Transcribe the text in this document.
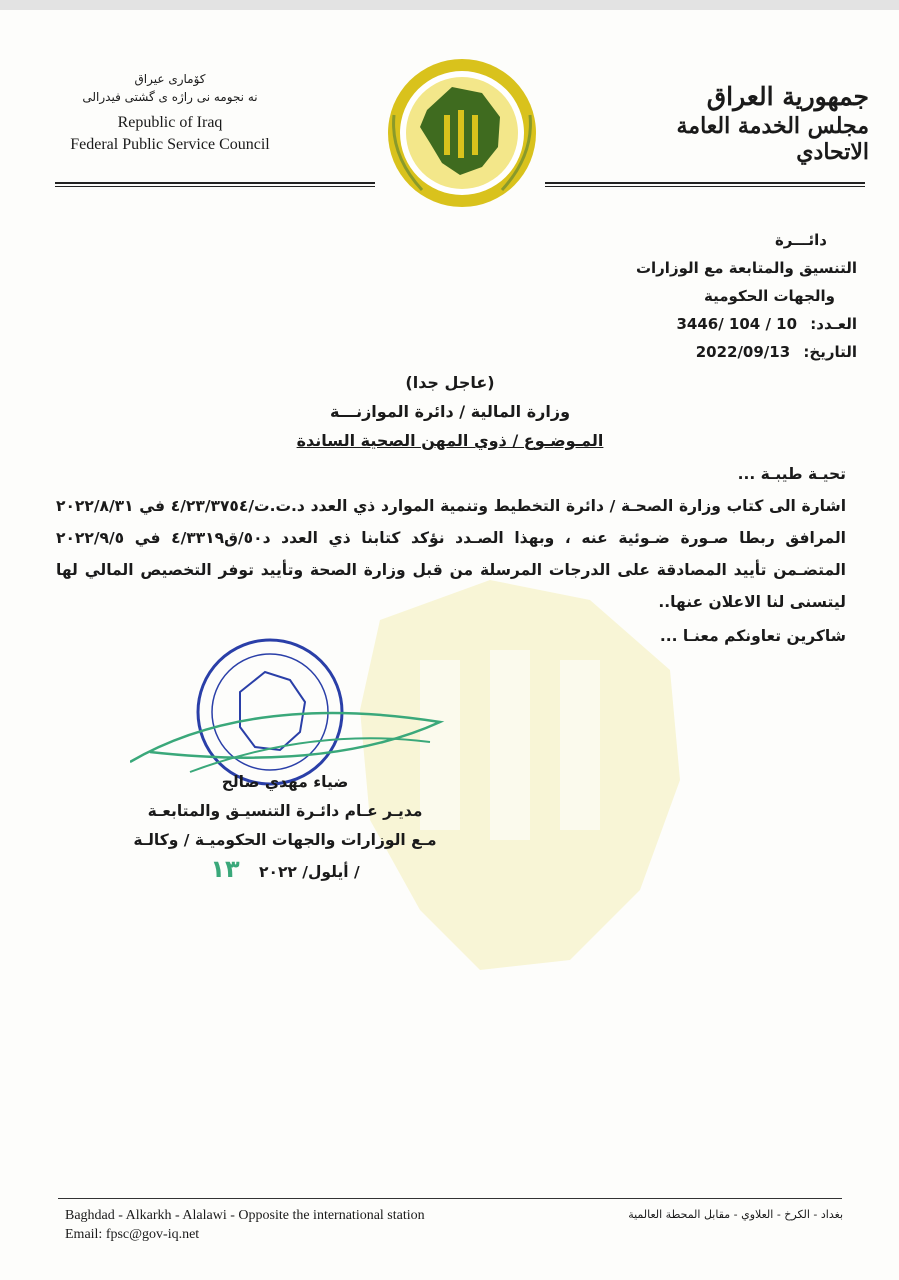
كۆمارى عيراق
نه نجومه نى راژه ى گشتى فيدرالى
Republic of Iraq
Federal Public Service Council
جمهورية العراق
مجلس الخدمة العامة الاتحادي
دائـــرة
التنسيق والمتابعة مع الوزارات
والجهات الحكومية
العـدد: 3446/ 104 / 10
التاريخ: 2022/09/13
(عاجل جدا)
وزارة المالية / دائرة الموازنـــة
المـوضـوع / ذوي المهن الصحية الساندة
تحيـة طيبـة ...
اشارة الى كتاب وزارة الصحـة / دائرة التخطيط وتنمية الموارد ذي العدد د.ت.ت/٤/٢٣/٣٧٥٤ في ٢٠٢٢/٨/٣١ المرافق ربطا صـورة ضـوئية عنه ، وبهذا الصـدد نؤكد كتابنا ذي العدد د٥٠/ق٤/٣٣١٩ في ٢٠٢٢/٩/٥ المتضـمن تأييد المصادقة على الدرجات المرسلة من قبل وزارة الصحة وتأييد توفر التخصيص المالي لها ليتسنى لنا الاعلان عنها..
شاكرين تعاونكم معنـا ...
ضياء مهدي صالح
مديـر عـام دائـرة التنسيـق والمتابعـة
مـع الوزارات والجهات الحكوميـة / وكالـة
/ أيلول/ ٢٠٢٢ ١٣
Baghdad - Alkarkh - Alalawi - Opposite the international station
Email: fpsc@gov-iq.net
بغداد - الكرخ - العلاوي - مقابل المحطة العالمية
